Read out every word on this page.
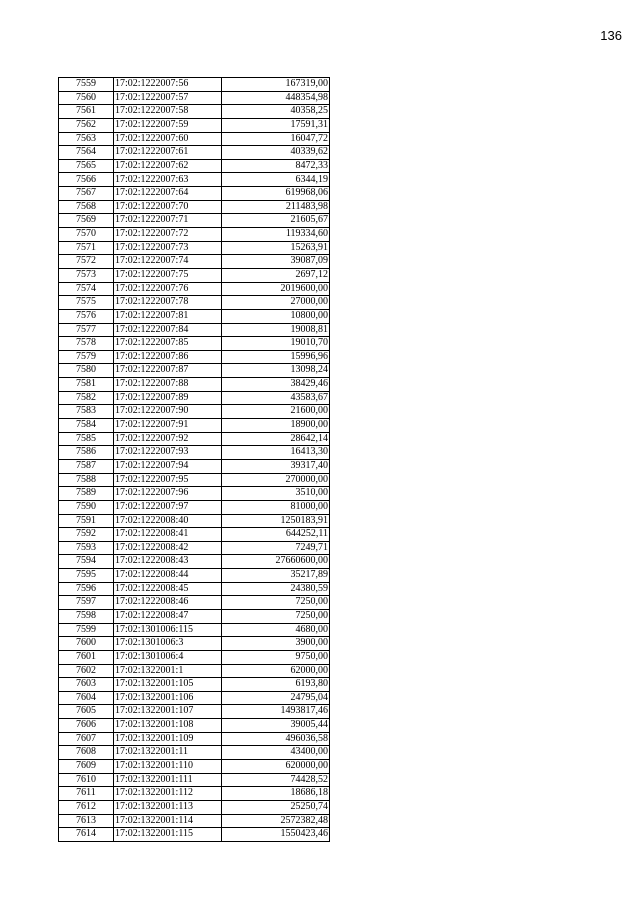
136
7559	17:02:1222007:56	167319,00
7560	17:02:1222007:57	448354,98
7561	17:02:1222007:58	40358,25
7562	17:02:1222007:59	17591,31
7563	17:02:1222007:60	16047,72
7564	17:02:1222007:61	40339,62
7565	17:02:1222007:62	8472,33
7566	17:02:1222007:63	6344,19
7567	17:02:1222007:64	619968,06
7568	17:02:1222007:70	211483,98
7569	17:02:1222007:71	21605,67
7570	17:02:1222007:72	119334,60
7571	17:02:1222007:73	15263,91
7572	17:02:1222007:74	39087,09
7573	17:02:1222007:75	2697,12
7574	17:02:1222007:76	2019600,00
7575	17:02:1222007:78	27000,00
7576	17:02:1222007:81	10800,00
7577	17:02:1222007:84	19008,81
7578	17:02:1222007:85	19010,70
7579	17:02:1222007:86	15996,96
7580	17:02:1222007:87	13098,24
7581	17:02:1222007:88	38429,46
7582	17:02:1222007:89	43583,67
7583	17:02:1222007:90	21600,00
7584	17:02:1222007:91	18900,00
7585	17:02:1222007:92	28642,14
7586	17:02:1222007:93	16413,30
7587	17:02:1222007:94	39317,40
7588	17:02:1222007:95	270000,00
7589	17:02:1222007:96	3510,00
7590	17:02:1222007:97	81000,00
7591	17:02:1222008:40	1250183,91
7592	17:02:1222008:41	644252,11
7593	17:02:1222008:42	7249,71
7594	17:02:1222008:43	27660600,00
7595	17:02:1222008:44	35217,89
7596	17:02:1222008:45	24380,59
7597	17:02:1222008:46	7250,00
7598	17:02:1222008:47	7250,00
7599	17:02:1301006:115	4680,00
7600	17:02:1301006:3	3900,00
7601	17:02:1301006:4	9750,00
7602	17:02:1322001:1	62000,00
7603	17:02:1322001:105	6193,80
7604	17:02:1322001:106	24795,04
7605	17:02:1322001:107	1493817,46
7606	17:02:1322001:108	39005,44
7607	17:02:1322001:109	496036,58
7608	17:02:1322001:11	43400,00
7609	17:02:1322001:110	620000,00
7610	17:02:1322001:111	74428,52
7611	17:02:1322001:112	18686,18
7612	17:02:1322001:113	25250,74
7613	17:02:1322001:114	2572382,48
7614	17:02:1322001:115	1550423,46
